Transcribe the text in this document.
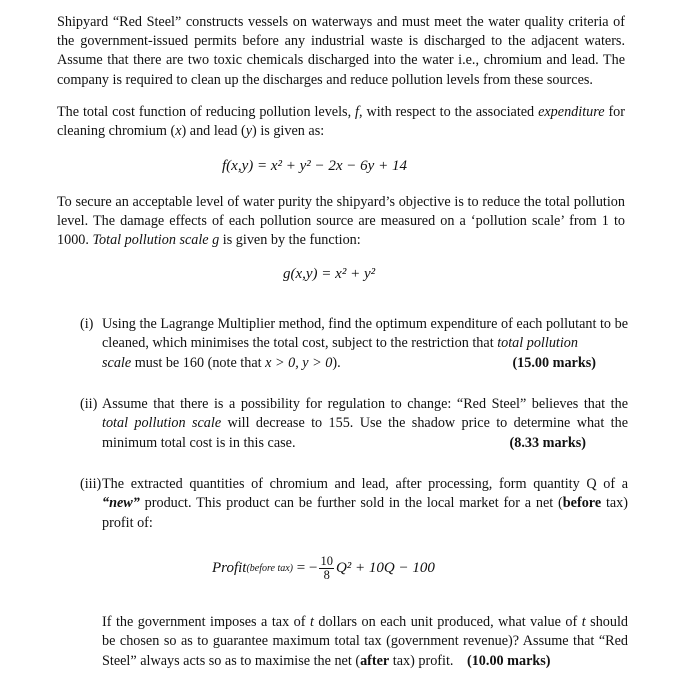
Shipyard “Red Steel” constructs vessels on waterways and must meet the water quality criteria of the government-issued permits before any industrial waste is discharged to the adjacent waters. Assume that there are two toxic chemicals discharged into the water i.e., chromium and lead. The company is required to clean up the discharges and reduce pollution levels from these sources.
The total cost function of reducing pollution levels, f, with respect to the associated expenditure for cleaning chromium (x) and lead (y) is given as:
f(x,y) = x² + y² − 2x − 6y + 14
To secure an acceptable level of water purity the shipyard’s objective is to reduce the total pollution level. The damage effects of each pollution source are measured on a ‘pollution scale’ from 1 to 1000. Total pollution scale g is given by the function:
g(x,y) = x² + y²
(i) Using the Lagrange Multiplier method, find the optimum expenditure of each pollutant to be cleaned, which minimises the total cost, subject to the restriction that total pollution
scale must be 160 (note that x > 0, y > 0).	(15.00 marks)
(ii) Assume that there is a possibility for regulation to change: “Red Steel” believes that the total pollution scale will decrease to 155. Use the shadow price to determine what the minimum total cost is in this case.	(8.33 marks)
(iii) The extracted quantities of chromium and lead, after processing, form quantity Q of a “new” product. This product can be further sold in the local market for a net (before tax) profit of:
Profit (before tax) = − $\frac{10}{8} Q^2 + 10Q - 100$
If the government imposes a tax of t dollars on each unit produced, what value of t should be chosen so as to guarantee maximum total tax (government revenue)? Assume that “Red Steel” always acts so as to maximise the net (after tax) profit. (10.00 marks)
